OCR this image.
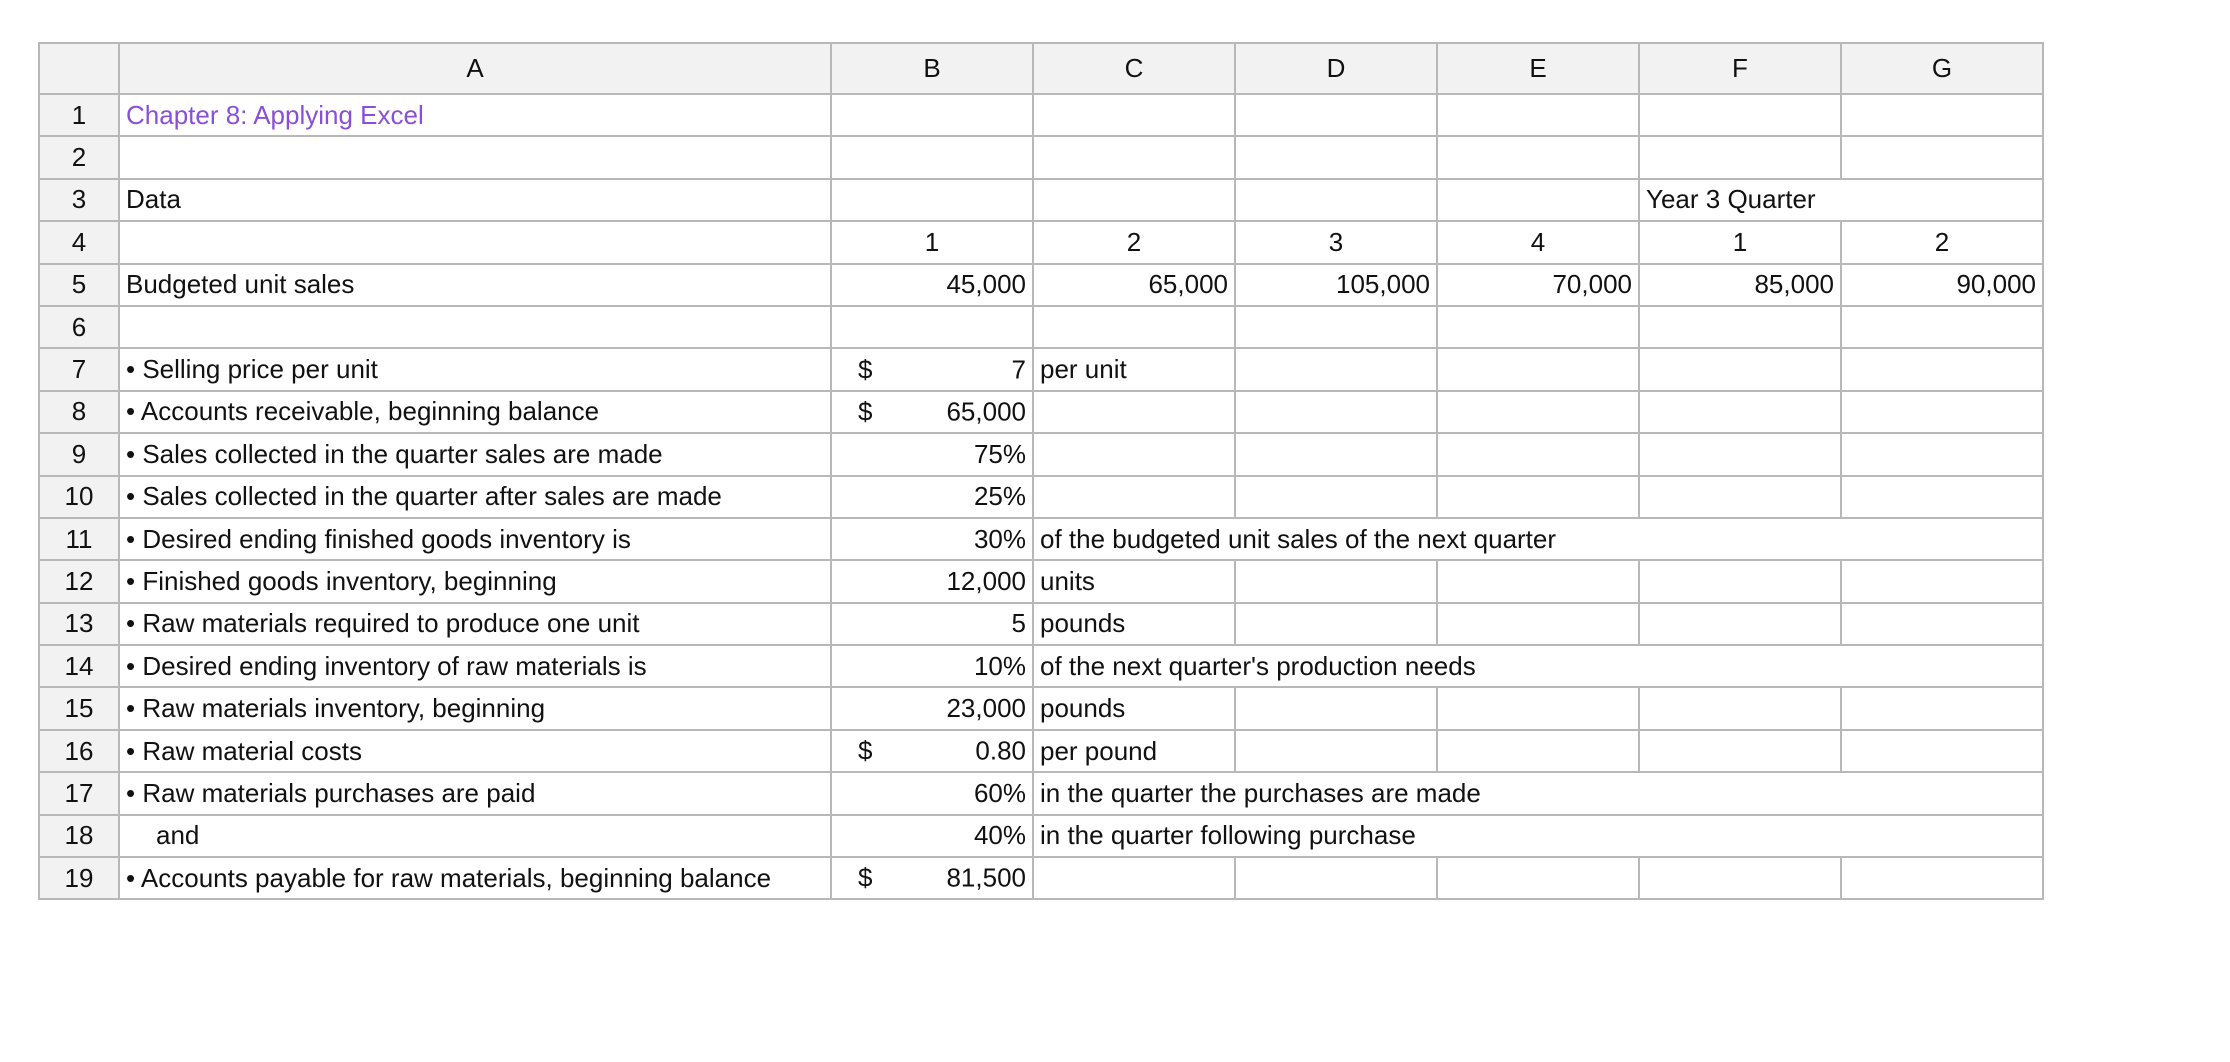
	A	B	C	D	E	F	G
1	Chapter 8: Applying Excel						
2							
3	Data					Year 3 Quarter	
4		1	2	3	4	1	2
5	Budgeted unit sales	45,000	65,000	105,000	70,000	85,000	90,000
6							
7	• Selling price per unit	$ 7	per unit				
8	• Accounts receivable, beginning balance	$ 65,000					

9	• Sales collected in the quarter sales are made	75%					
10	• Sales collected in the quarter after sales are made	25%					
11	• Desired ending finished goods inventory is	30%	of the budgeted unit sales of the next quarter				
12	• Finished goods inventory, beginning	12,000	units				
13	• Raw materials required to produce one unit	5	pounds				
14	• Desired ending inventory of raw materials is	10%	of the next quarter's production needs				
15	• Raw materials inventory, beginning	23,000	pounds				
16	• Raw material costs	$ 0.80	per pound				
17	• Raw materials purchases are paid	60%	in the quarter the purchases are made				
18	and	40%	in the quarter following purchase				
19	• Accounts payable for raw materials, beginning balance	$ 81,500					
